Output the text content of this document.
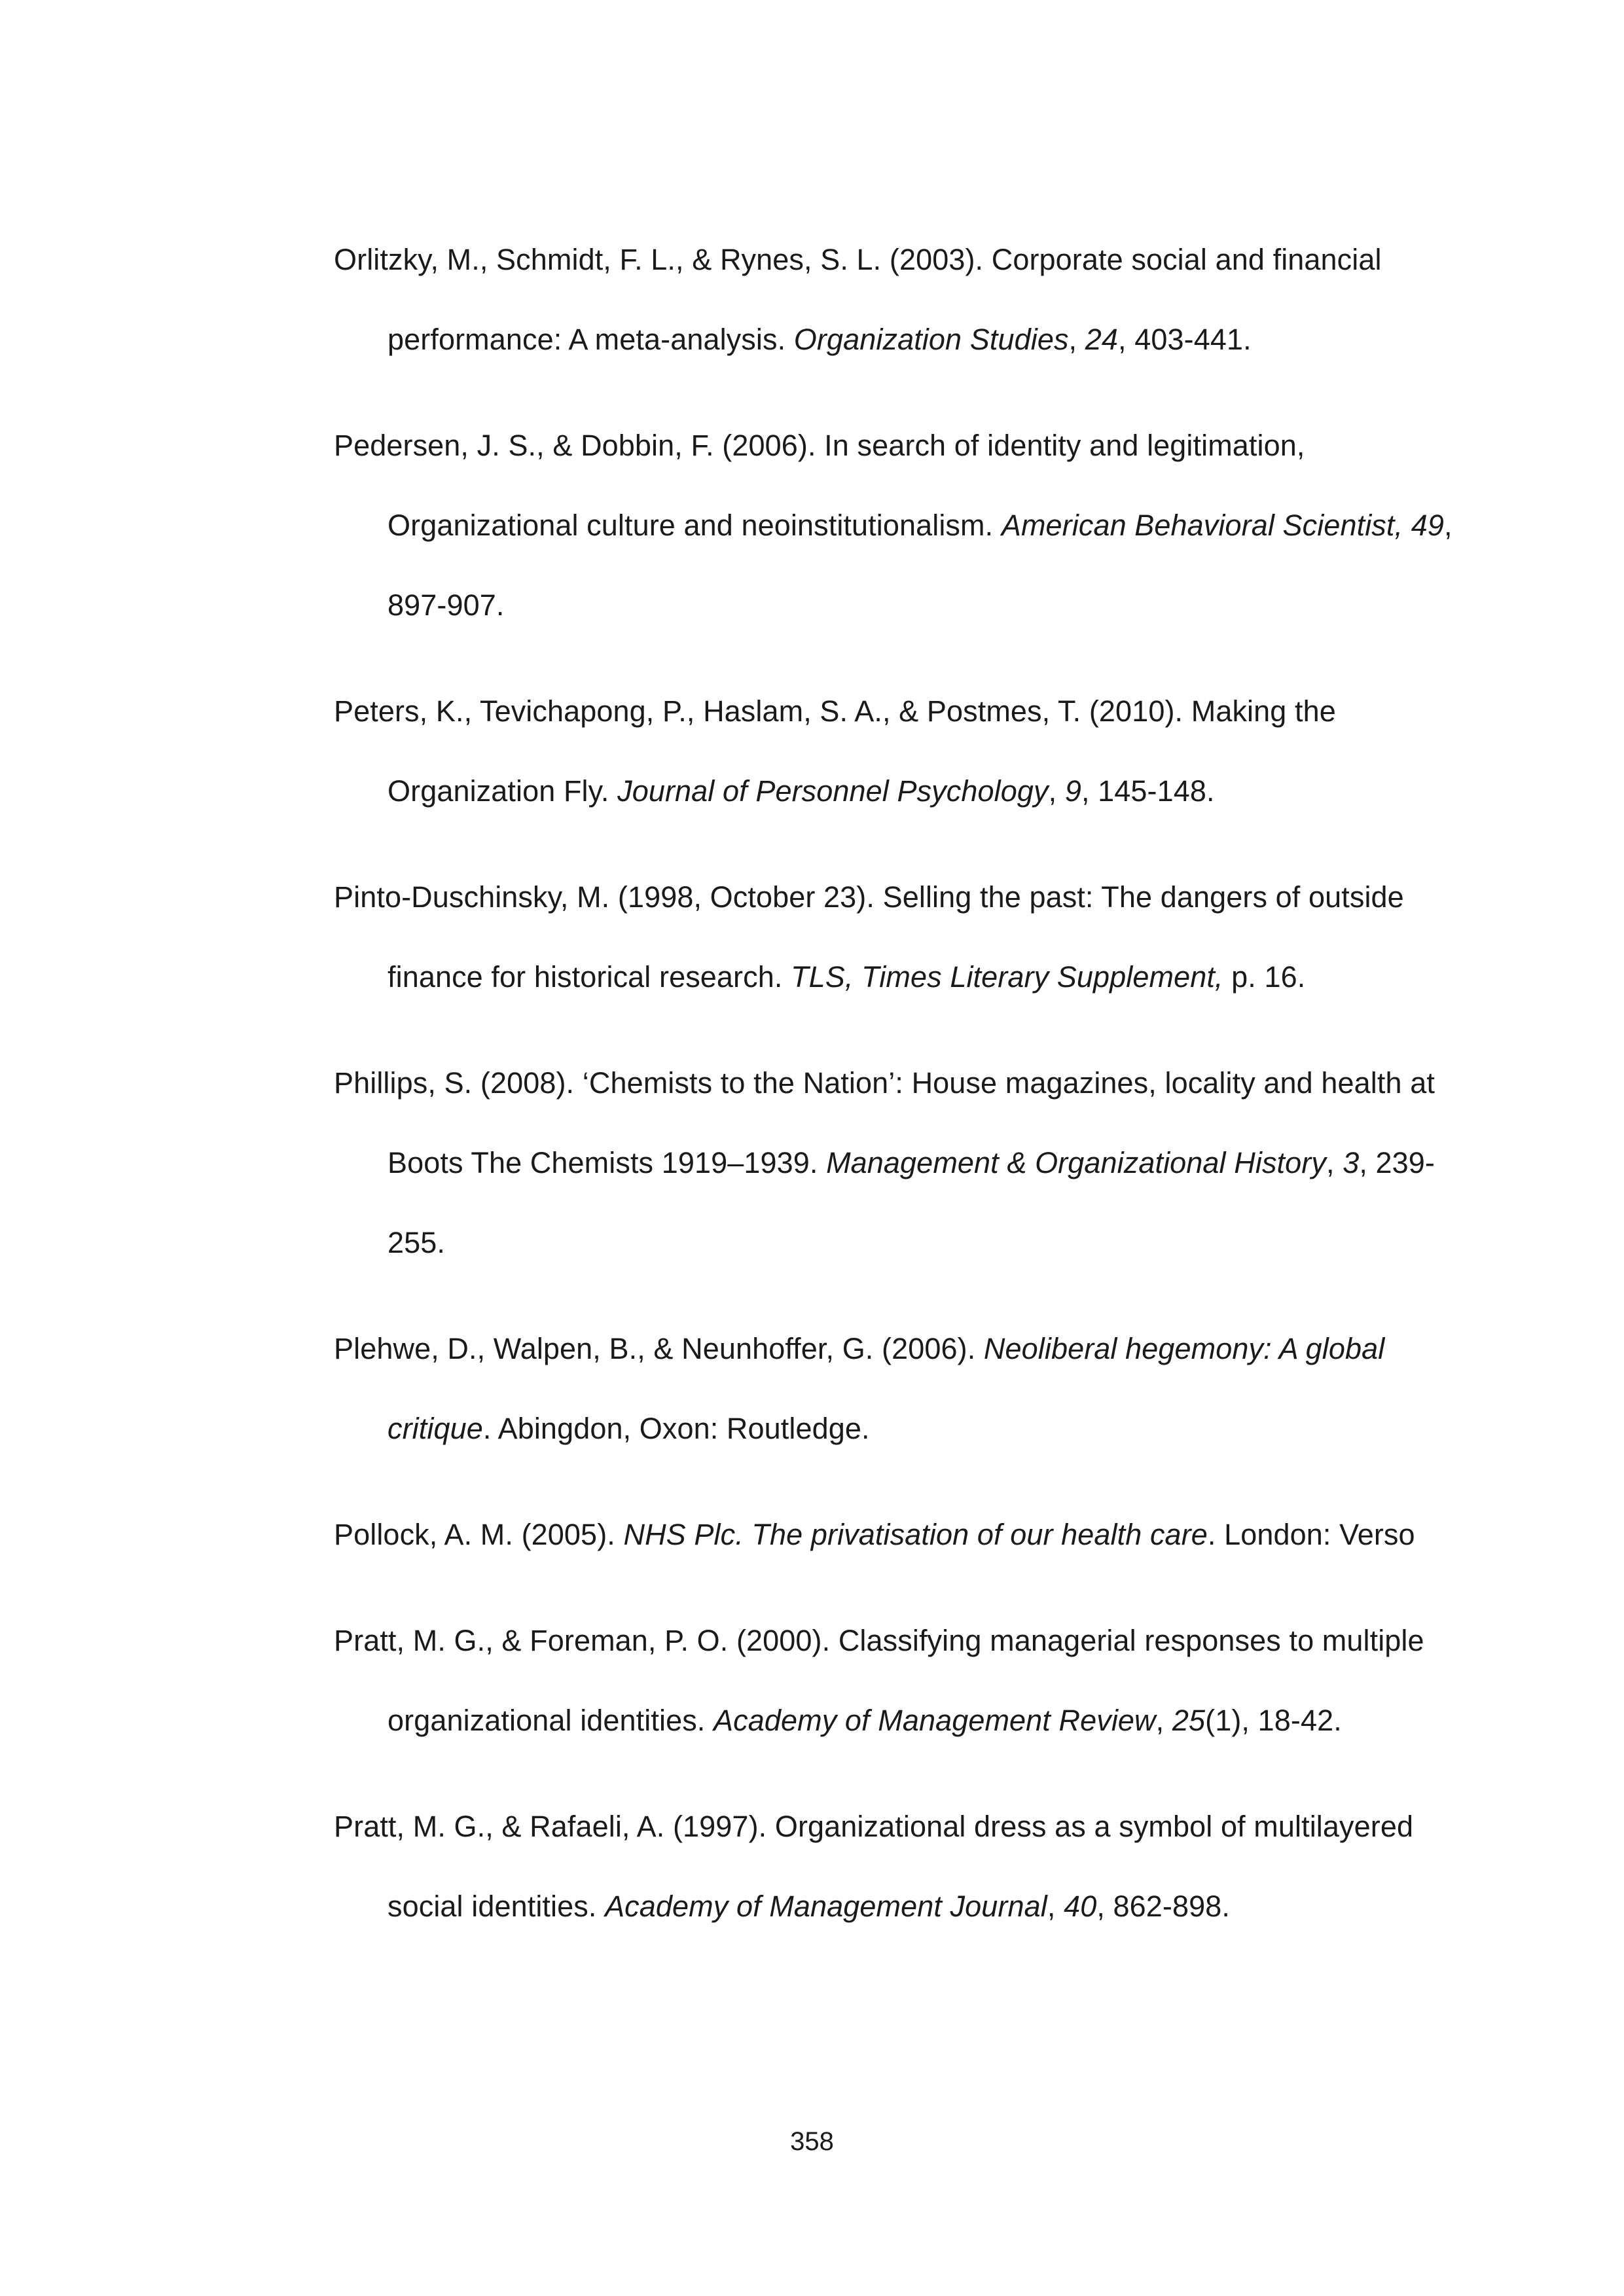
Orlitzky, M., Schmidt, F. L., & Rynes, S. L. (2003). Corporate social and financial performance: A meta-analysis. Organization Studies, 24, 403-441.

Pedersen, J. S., & Dobbin, F. (2006). In search of identity and legitimation, Organizational culture and neoinstitutionalism. American Behavioral Scientist, 49, 897-907.

Peters, K., Tevichapong, P., Haslam, S. A., & Postmes, T. (2010). Making the Organization Fly. Journal of Personnel Psychology, 9, 145-148.

Pinto-Duschinsky, M. (1998, October 23). Selling the past: The dangers of outside finance for historical research. TLS, Times Literary Supplement, p. 16.

Phillips, S. (2008). ‘Chemists to the Nation’: House magazines, locality and health at Boots The Chemists 1919–1939. Management & Organizational History, 3, 239-255.

Plehwe, D., Walpen, B., & Neunhoffer, G. (2006). Neoliberal hegemony: A global critique. Abingdon, Oxon: Routledge.

Pollock, A. M. (2005). NHS Plc. The privatisation of our health care. London: Verso

Pratt, M. G., & Foreman, P. O. (2000). Classifying managerial responses to multiple organizational identities. Academy of Management Review, 25(1), 18-42.

Pratt, M. G., & Rafaeli, A. (1997). Organizational dress as a symbol of multilayered social identities. Academy of Management Journal, 40, 862-898.

358
